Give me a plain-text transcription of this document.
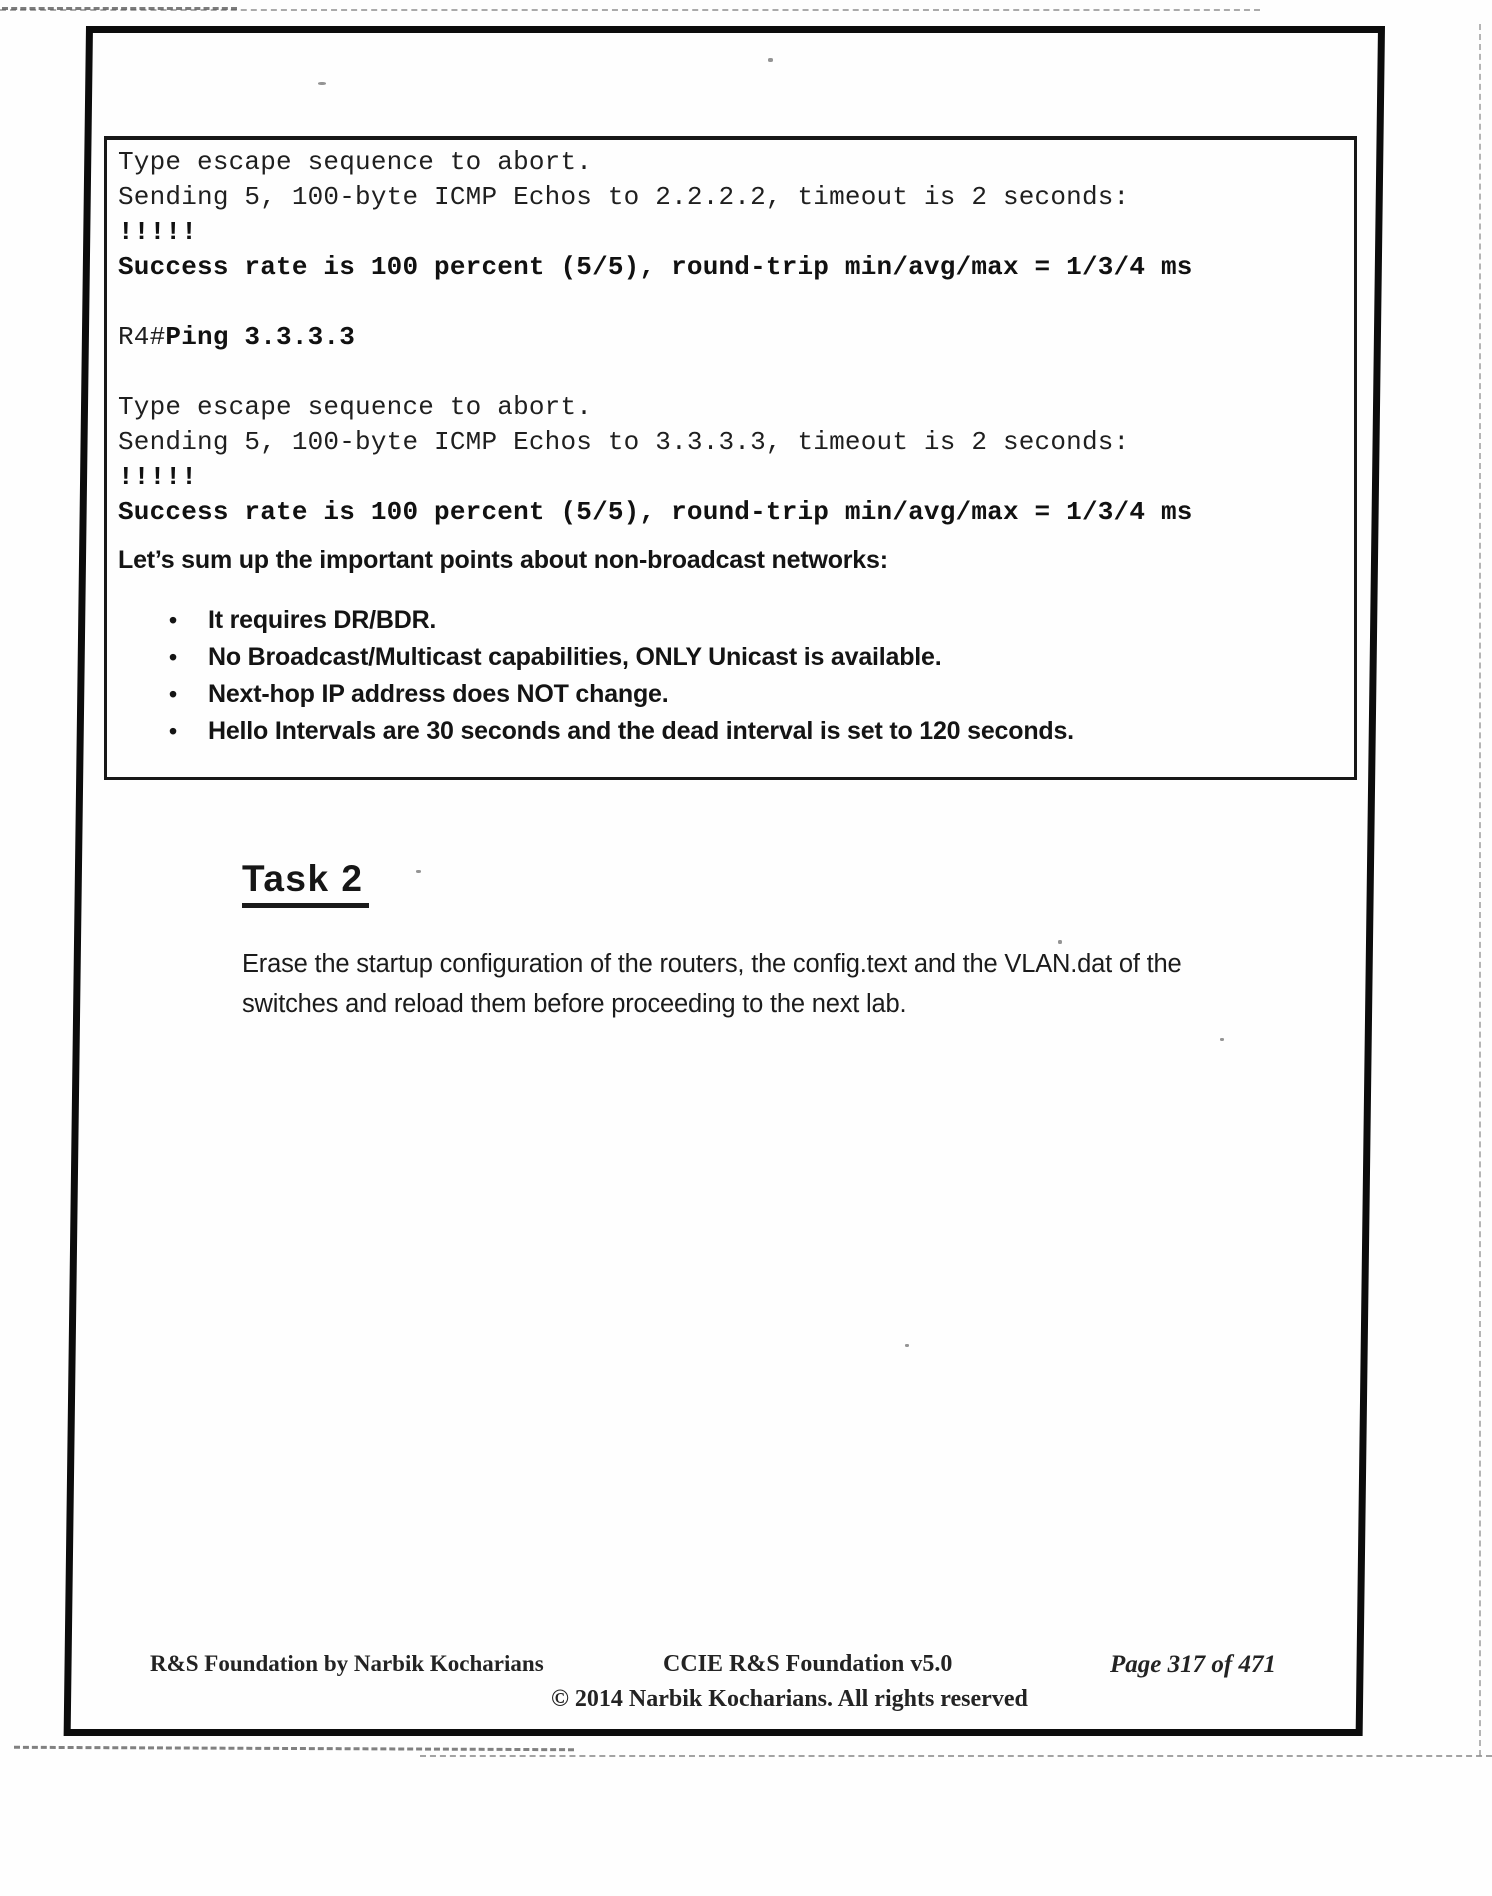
Type escape sequence to abort.
Sending 5, 100-byte ICMP Echos to 2.2.2.2, timeout is 2 seconds:
!!!!!
Success rate is 100 percent (5/5), round-trip min/avg/max = 1/3/4 ms

R4#Ping 3.3.3.3

Type escape sequence to abort.
Sending 5, 100-byte ICMP Echos to 3.3.3.3, timeout is 2 seconds:
!!!!!
Success rate is 100 percent (5/5), round-trip min/avg/max = 1/3/4 ms
Let’s sum up the important points about non-broadcast networks:
• It requires DR/BDR.
• No Broadcast/Multicast capabilities, ONLY Unicast is available.
• Next-hop IP address does NOT change.
• Hello Intervals are 30 seconds and the dead interval is set to 120 seconds.
Task 2

Erase the startup configuration of the routers, the config.text and the VLAN.dat of the
switches and reload them before proceeding to the next lab.

R&S Foundation by Narbik Kocharians	CCIE R&S Foundation v5.0	Page 317 of 471
© 2014 Narbik Kocharians. All rights reserved
